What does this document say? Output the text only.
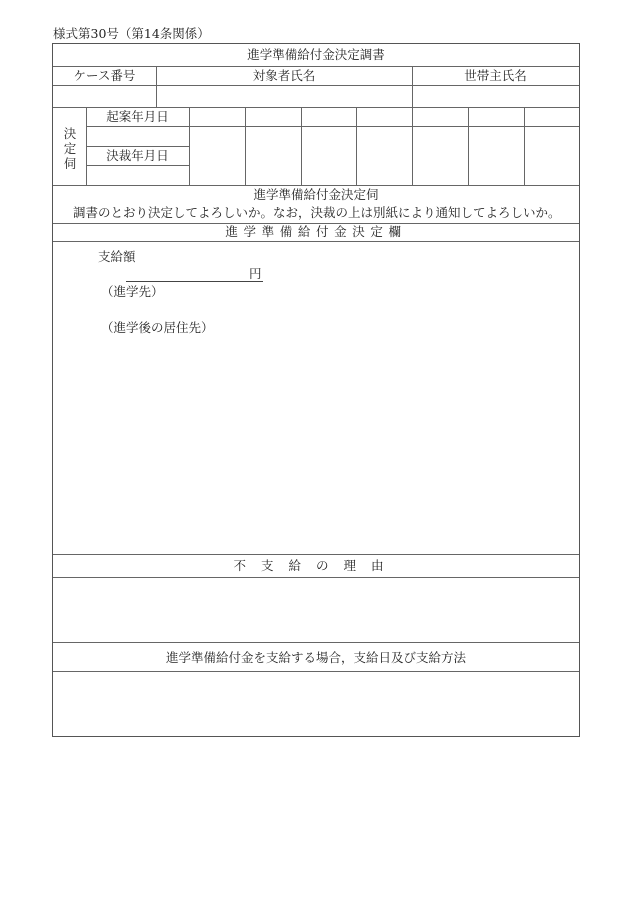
様式第30号（第14条関係）
進学準備給付金決定調書
ケース番号	対象者氏名	世帯主氏名
決
定
伺
起案年月日
決裁年月日
進学準備給付金決定伺
調書のとおり決定してよろしいか。なお，決裁の上は別紙により通知してよろしいか。
進学準備給付金決定欄
支給額
円
（進学先）
（進学後の居住先）
不支給の理由
進学準備給付金を支給する場合，支給日及び支給方法
